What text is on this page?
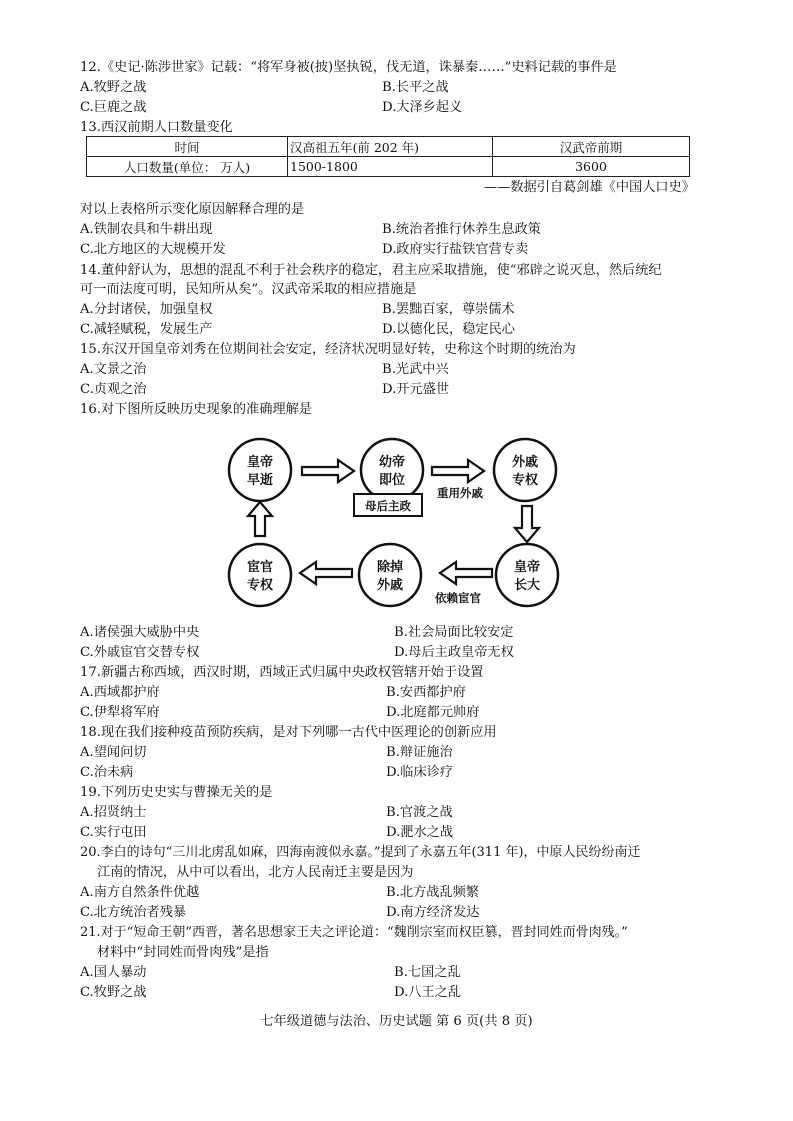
12.《史记·陈涉世家》记载：“将军身被(披)坚执锐，伐无道，诛暴秦……”史料记载的事件是
A.牧野之战	B.长平之战
C.巨鹿之战	D.大泽乡起义
13.西汉前期人口数量变化
时间	汉高祖五年(前 202 年)	汉武帝前期
人口数量(单位： 万人)	1500-1800	3600
——数据引自葛剑雄《中国人口史》
对以上表格所示变化原因解释合理的是
A.铁制农具和牛耕出现	B.统治者推行休养生息政策
C.北方地区的大规模开发	D.政府实行盐铁官营专卖
14.董仲舒认为，思想的混乱不利于社会秩序的稳定，君主应采取措施，使“邪辟之说灭息，然后统纪
可一而法度可明，民知所从矣”。汉武帝采取的相应措施是
A.分封诸侯，加强皇权	B.罢黜百家，尊崇儒术
C.减轻赋税，发展生产	D.以德化民，稳定民心
15.东汉开国皇帝刘秀在位期间社会安定，经济状况明显好转，史称这个时期的统治为
A.文景之治	B.光武中兴
C.贞观之治	D.开元盛世
16.对下图所反映历史现象的准确理解是
皇帝
早逝
幼帝
即位
外戚
专权
皇帝
长大
除掉
外戚
宦官
专权
母后主政
重用外戚
依赖宦官
A.诸侯强大威胁中央	B.社会局面比较安定
C.外戚宦官交替专权	D.母后主政皇帝无权
17.新疆古称西域，西汉时期，西域正式归属中央政权管辖开始于设置
A.西域都护府	B.安西都护府
C.伊犁将军府	D.北庭都元帅府
18.现在我们接种疫苗预防疾病，是对下列哪一古代中医理论的创新应用
A.望闻问切	B.辩证施治
C.治未病	D.临床诊疗
19.下列历史史实与曹操无关的是
A.招贤纳士	B.官渡之战
C.实行屯田	D.淝水之战
20.李白的诗句“三川北虏乱如麻，四海南渡似永嘉。”提到了永嘉五年(311 年)，中原人民纷纷南迁
江南的情况，从中可以看出，北方人民南迁主要是因为
A.南方自然条件优越	B.北方战乱频繁
C.北方统治者残暴	D.南方经济发达
21.对于“短命王朝”西晋，著名思想家王夫之评论道：“魏削宗室而权臣篡，晋封同姓而骨肉残。”
材料中“封同姓而骨肉残”是指
A.国人暴动	B.七国之乱
C.牧野之战	D.八王之乱
七年级道德与法治、历史试题 第 6 页(共 8 页)
